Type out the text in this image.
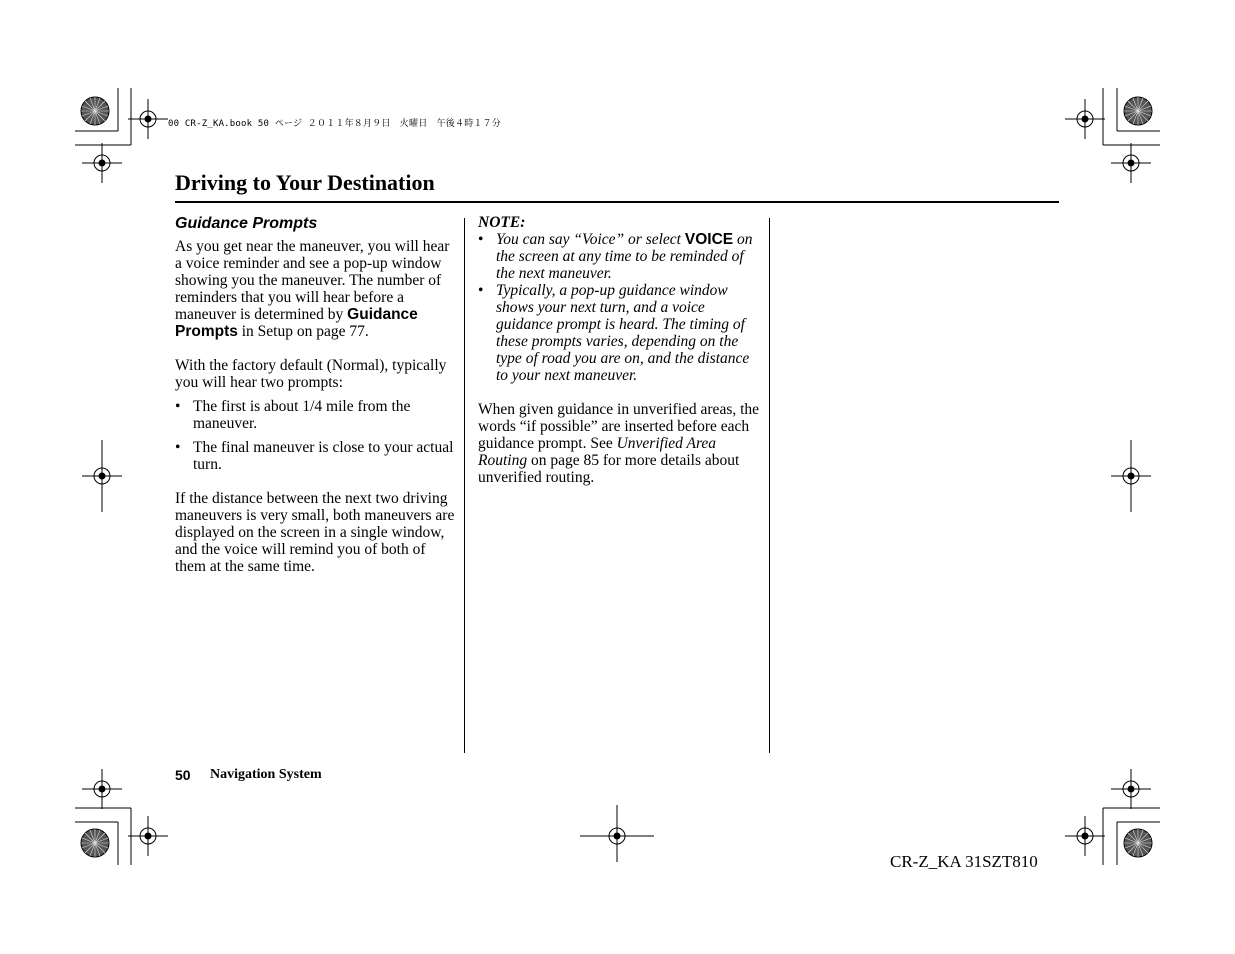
00 CR-Z_KA.book 50 ページ ２０１１年８月９日　火曜日　午後４時１７分
Driving to Your Destination
Guidance Prompts

As you get near the maneuver, you will hear a voice reminder and see a pop-up window showing you the maneuver. The number of reminders that you will hear before a maneuver is determined by Guidance Prompts in Setup on page 77.

With the factory default (Normal), typically you will hear two prompts:

• The first is about 1/4 mile from the maneuver.
• The final maneuver is close to your actual turn.

If the distance between the next two driving maneuvers is very small, both maneuvers are displayed on the screen in a single window, and the voice will remind you of both of them at the same time.

NOTE:
• You can say “Voice” or select VOICE on the screen at any time to be reminded of the next maneuver.
• Typically, a pop-up guidance window shows your next turn, and a voice guidance prompt is heard. The timing of these prompts varies, depending on the type of road you are on, and the distance to your next maneuver.

When given guidance in unverified areas, the words “if possible” are inserted before each guidance prompt. See Unverified Area Routing on page 85 for more details about unverified routing.

50 Navigation System
CR-Z_KA 31SZT810
